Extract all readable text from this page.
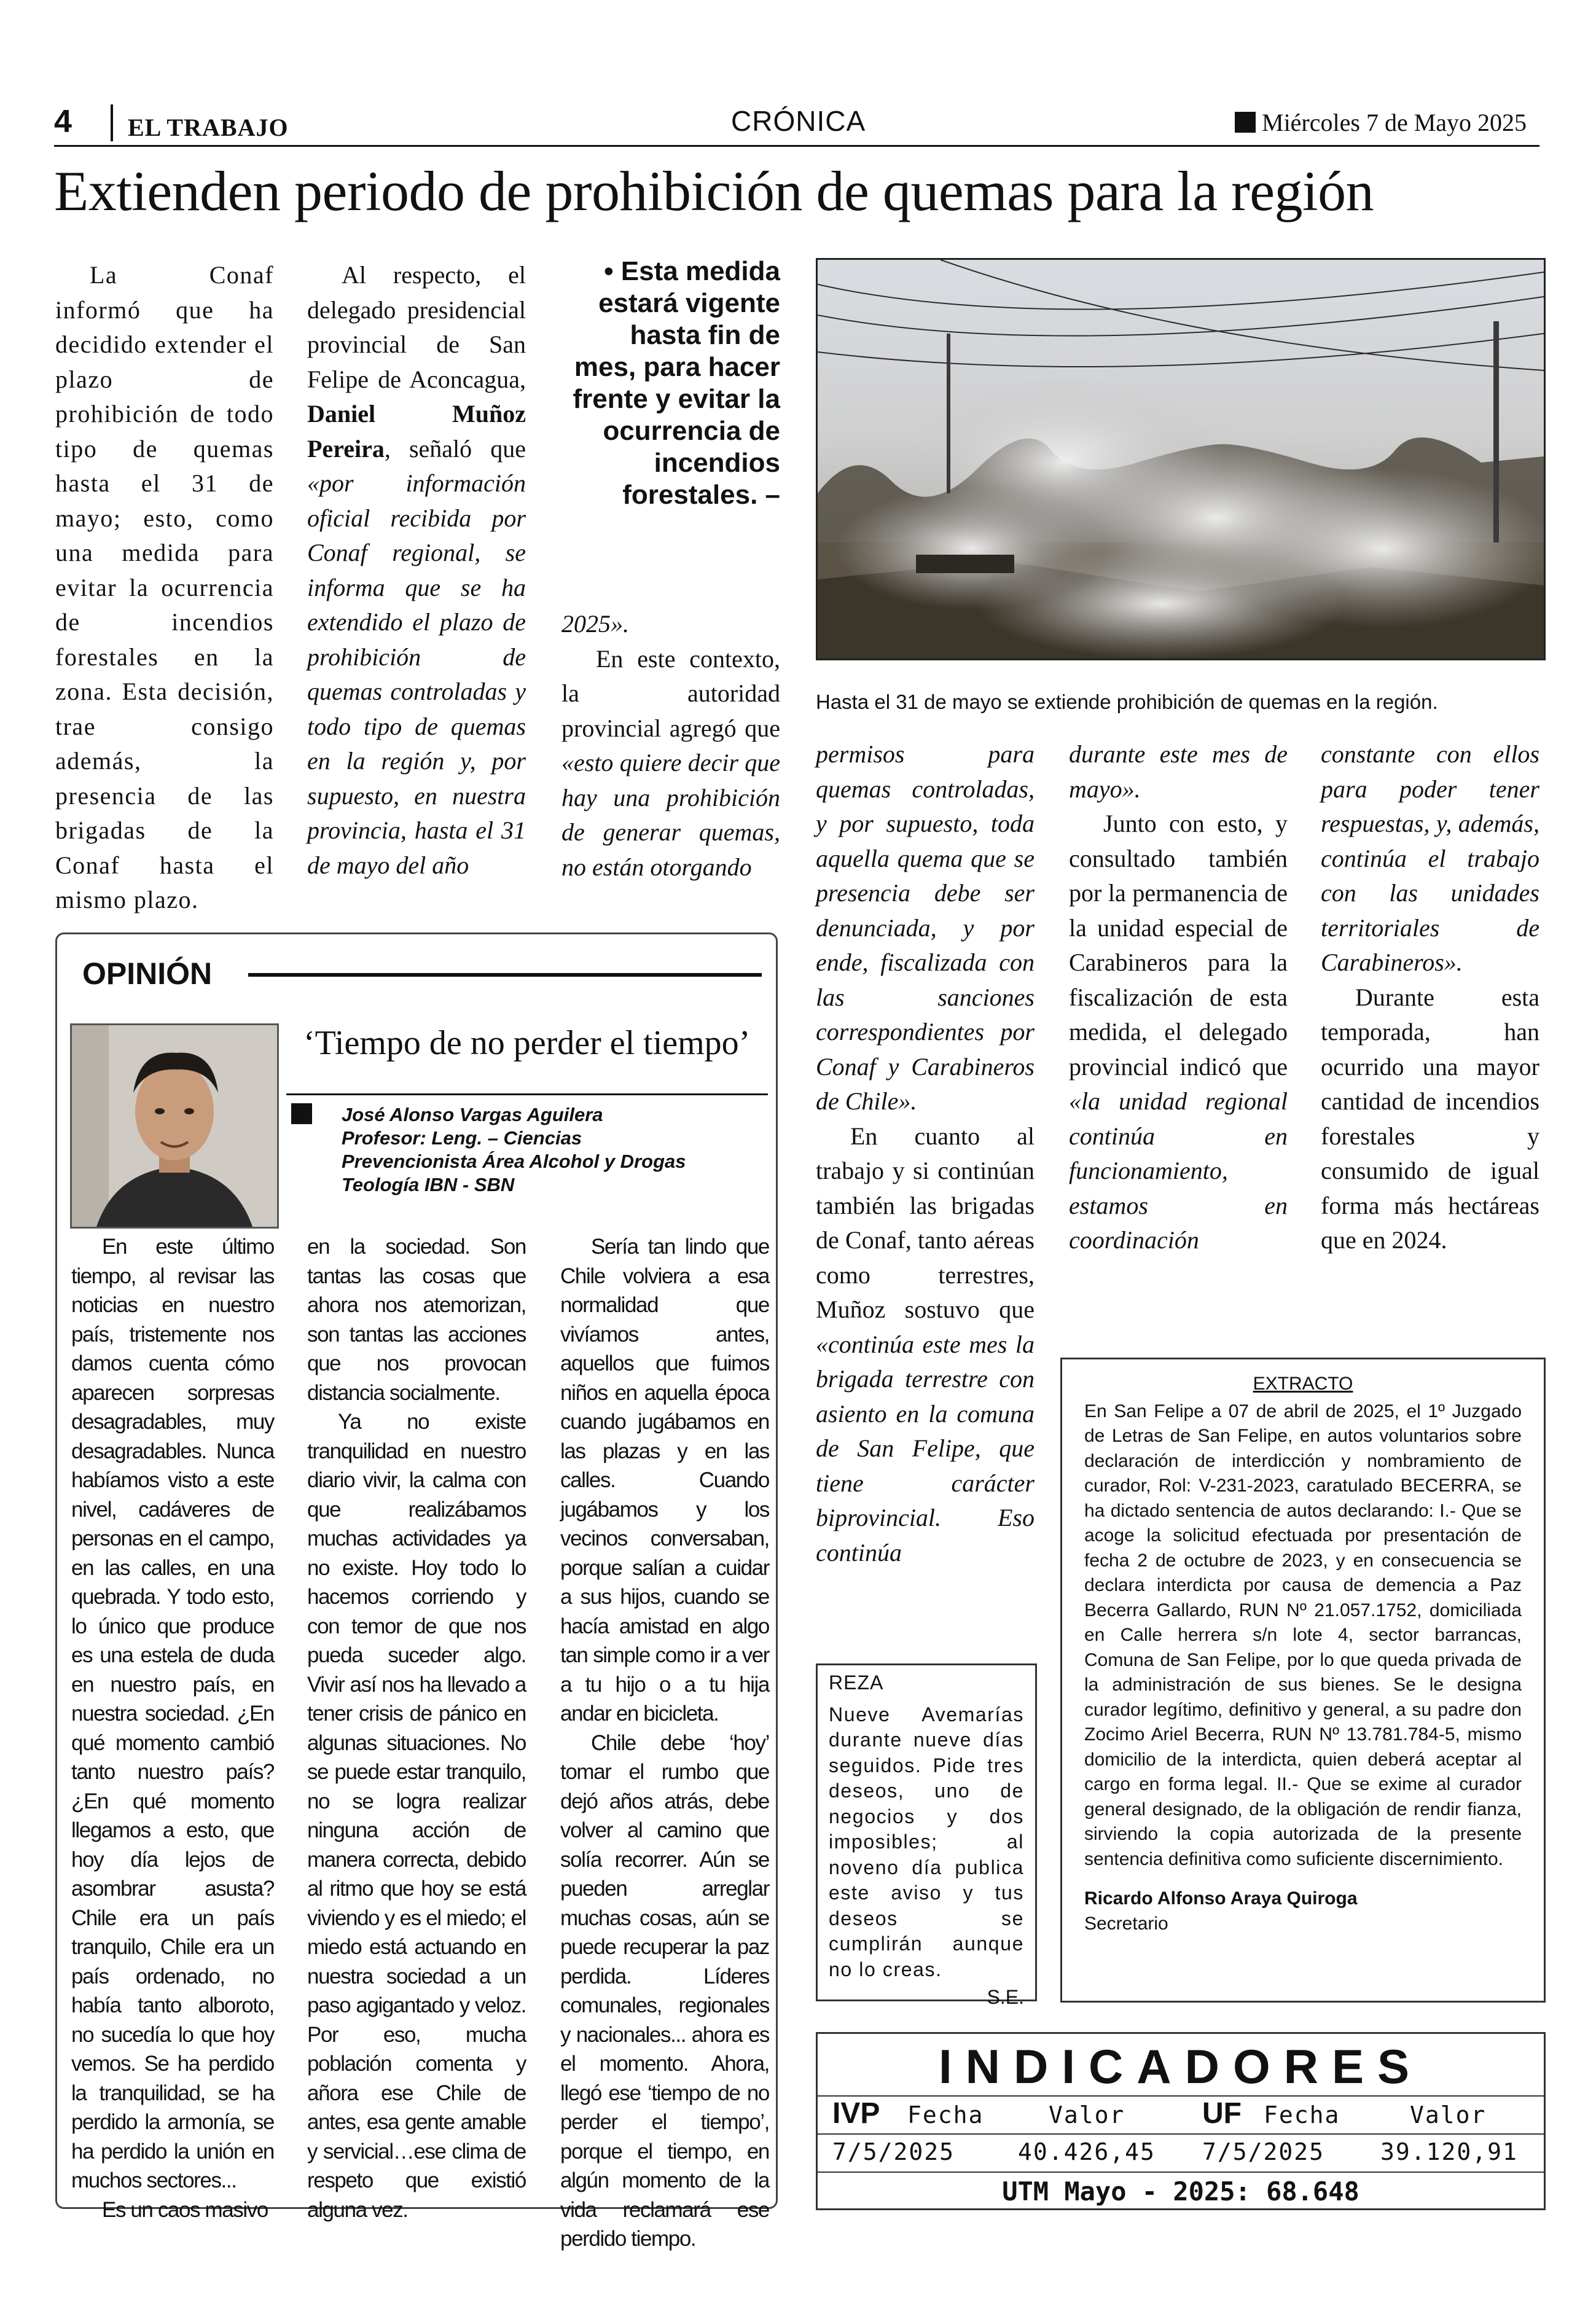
4 EL TRABAJO	CRÓNICA	Miércoles 7 de Mayo 2025
Extienden periodo de prohibición de quemas para la región

La Conaf informó que ha decidido extender el plazo de prohibición de todo tipo de quemas hasta el 31 de mayo; esto, como una medida para evitar la ocurrencia de incendios forestales en la zona. Esta decisión, trae consigo además, la presencia de las brigadas de la Conaf hasta el mismo plazo.

Al respecto, el delegado presidencial provincial de San Felipe de Aconcagua, Daniel Muñoz Pereira, señaló que «por información oficial recibida por Conaf regional, se informa que se ha extendido el plazo de prohibición de quemas controladas y todo tipo de quemas en la región y, por supuesto, en nuestra provincia, hasta el 31 de mayo del año

• Esta medida estará vigente hasta fin de mes, para hacer frente y evitar la ocurrencia de incendios forestales. –

2025».

En este contexto, la autoridad provincial agregó que «esto quiere decir que hay una prohibición de generar quemas, no están otorgando

Hasta el 31 de mayo se extiende prohibición de quemas en la región.

permisos para quemas controladas, y por supuesto, toda aquella quema que se presencia debe ser denunciada, y por ende, fiscalizada con las sanciones correspondientes por Conaf y Carabineros de Chile».

En cuanto al trabajo y si continúan también las brigadas de Conaf, tanto aéreas como terrestres, Muñoz sostuvo que «continúa este mes la brigada terrestre con asiento en la comuna de San Felipe, que tiene carácter biprovincial. Eso continúa

durante este mes de mayo».

Junto con esto, y consultado también por la permanencia de la unidad especial de Carabineros para la fiscalización de esta medida, el delegado provincial indicó que «la unidad regional continúa en funcionamiento, estamos en coordinación

constante con ellos para poder tener respuestas, y, además, continúa el trabajo con las unidades territoriales de Carabineros».

Durante esta temporada, han ocurrido una mayor cantidad de incendios forestales y consumido de igual forma más hectáreas que en 2024.

OPINIÓN
‘Tiempo de no perder el tiempo’
José Alonso Vargas Aguilera
Profesor: Leng. – Ciencias
Prevencionista Área Alcohol y Drogas
Teología IBN - SBN

En este último tiempo, al revisar las noticias en nuestro país, tristemente nos damos cuenta cómo aparecen sorpresas desagradables, muy desagradables. Nunca habíamos visto a este nivel, cadáveres de personas en el campo, en las calles, en una quebrada. Y todo esto, lo único que produce es una estela de duda en nuestro país, en nuestra sociedad. ¿En qué momento cambió tanto nuestro país? ¿En qué momento llegamos a esto, que hoy día lejos de asombrar asusta? Chile era un país tranquilo, Chile era un país ordenado, no había tanto alboroto, no sucedía lo que hoy vemos. Se ha perdido la tranquilidad, se ha perdido la armonía, se ha perdido la unión en muchos sectores...

Es un caos masivo

en la sociedad. Son tantas las cosas que ahora nos atemorizan, son tantas las acciones que nos provocan distancia socialmente.

Ya no existe tranquilidad en nuestro diario vivir, la calma con que realizábamos muchas actividades ya no existe. Hoy todo lo hacemos corriendo y con temor de que nos pueda suceder algo. Vivir así nos ha llevado a tener crisis de pánico en algunas situaciones. No se puede estar tranquilo, no se logra realizar ninguna acción de manera correcta, debido al ritmo que hoy se está viviendo y es el miedo; el miedo está actuando en nuestra sociedad a un paso agigantado y veloz. Por eso, mucha población comenta y añora ese Chile de antes, esa gente amable y servicial…ese clima de respeto que existió alguna vez.

Sería tan lindo que Chile volviera a esa normalidad que vivíamos antes, aquellos que fuimos niños en aquella época cuando jugábamos en las plazas y en las calles. Cuando jugábamos y los vecinos conversaban, porque salían a cuidar a sus hijos, cuando se hacía amistad en algo tan simple como ir a ver a tu hijo o a tu hija andar en bicicleta.

Chile debe ‘hoy’ tomar el rumbo que dejó años atrás, debe volver al camino que solía recorrer. Aún se pueden arreglar muchas cosas, aún se puede recuperar la paz perdida. Líderes comunales, regionales y nacionales... ahora es el momento. Ahora, llegó ese ‘tiempo de no perder el tiempo’, porque el tiempo, en algún momento de la vida reclamará ese perdido tiempo.

REZA
Nueve Avemarías durante nueve días seguidos. Pide tres deseos, uno de negocios y dos imposibles; al noveno día publica este aviso y tus deseos se cumplirán aunque no lo creas.
S.E.
EXTRACTO
En San Felipe a 07 de abril de 2025, el 1º Juzgado de Letras de San Felipe, en autos voluntarios sobre declaración de interdicción y nombramiento de curador, Rol: V-231-2023, caratulado BECERRA, se ha dictado sentencia de autos declarando: I.- Que se acoge la solicitud efectuada por presentación de fecha 2 de octubre de 2023, y en consecuencia se declara interdicta por causa de demencia a Paz Becerra Gallardo, RUN Nº 21.057.1752, domiciliada en Calle herrera s/n lote 4, sector barrancas, Comuna de San Felipe, por lo que queda privada de la administración de sus bienes. Se le designa curador legítimo, definitivo y general, a su padre don Zocimo Ariel Becerra, RUN Nº 13.781.784-5, mismo domicilio de la interdicta, quien deberá aceptar al cargo en forma legal. II.- Que se exime al curador general designado, de la obligación de rendir fianza, sirviendo la copia autorizada de la presente sentencia definitiva como suficiente discernimiento.
Ricardo Alfonso Araya Quiroga
Secretario
INDICADORES
IVP Fecha	Valor	UF Fecha	Valor
7/5/2025	40.426,45 7/5/2025 39.120,91
UTM Mayo - 2025: 68.648
